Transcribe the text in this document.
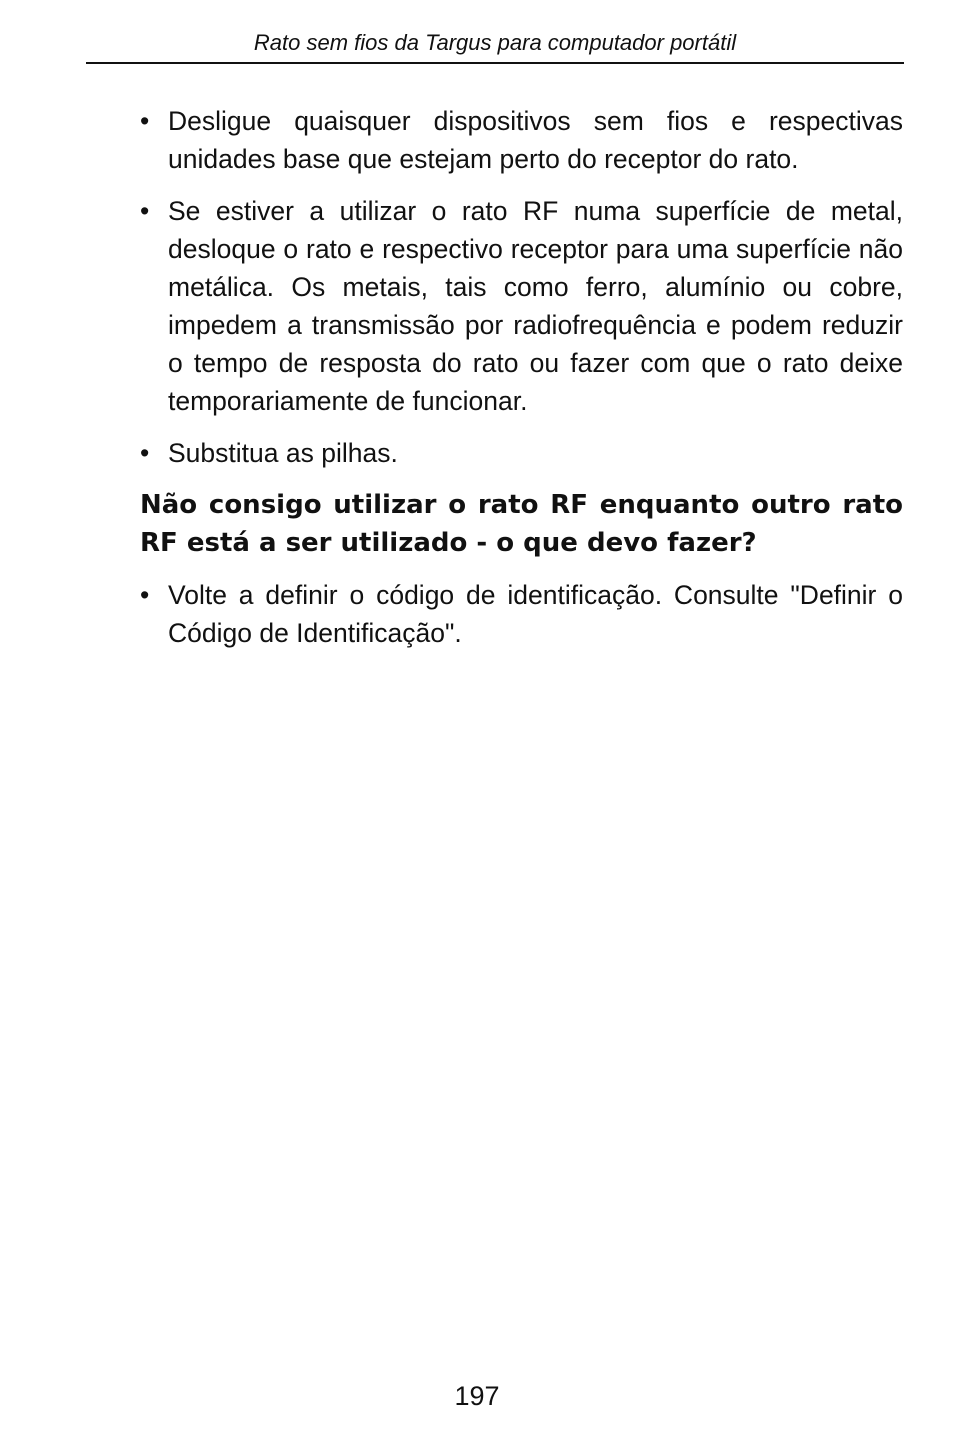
Rato sem fios da Targus para computador portátil
• Desligue quaisquer dispositivos sem fios e respectivas unidades base que estejam perto do receptor do rato.
• Se estiver a utilizar o rato RF numa superfície de metal, desloque o rato e respectivo receptor para uma superfície não metálica. Os metais, tais como ferro, alumínio ou cobre, impedem a transmissão por radiofrequência e podem reduzir o tempo de resposta do rato ou fazer com que o rato deixe temporariamente de funcionar.
• Substitua as pilhas.
Não consigo utilizar o rato RF enquanto outro rato RF está a ser utilizado - o que devo fazer?
• Volte a definir o código de identificação. Consulte "Definir o Código de Identificação".
197
